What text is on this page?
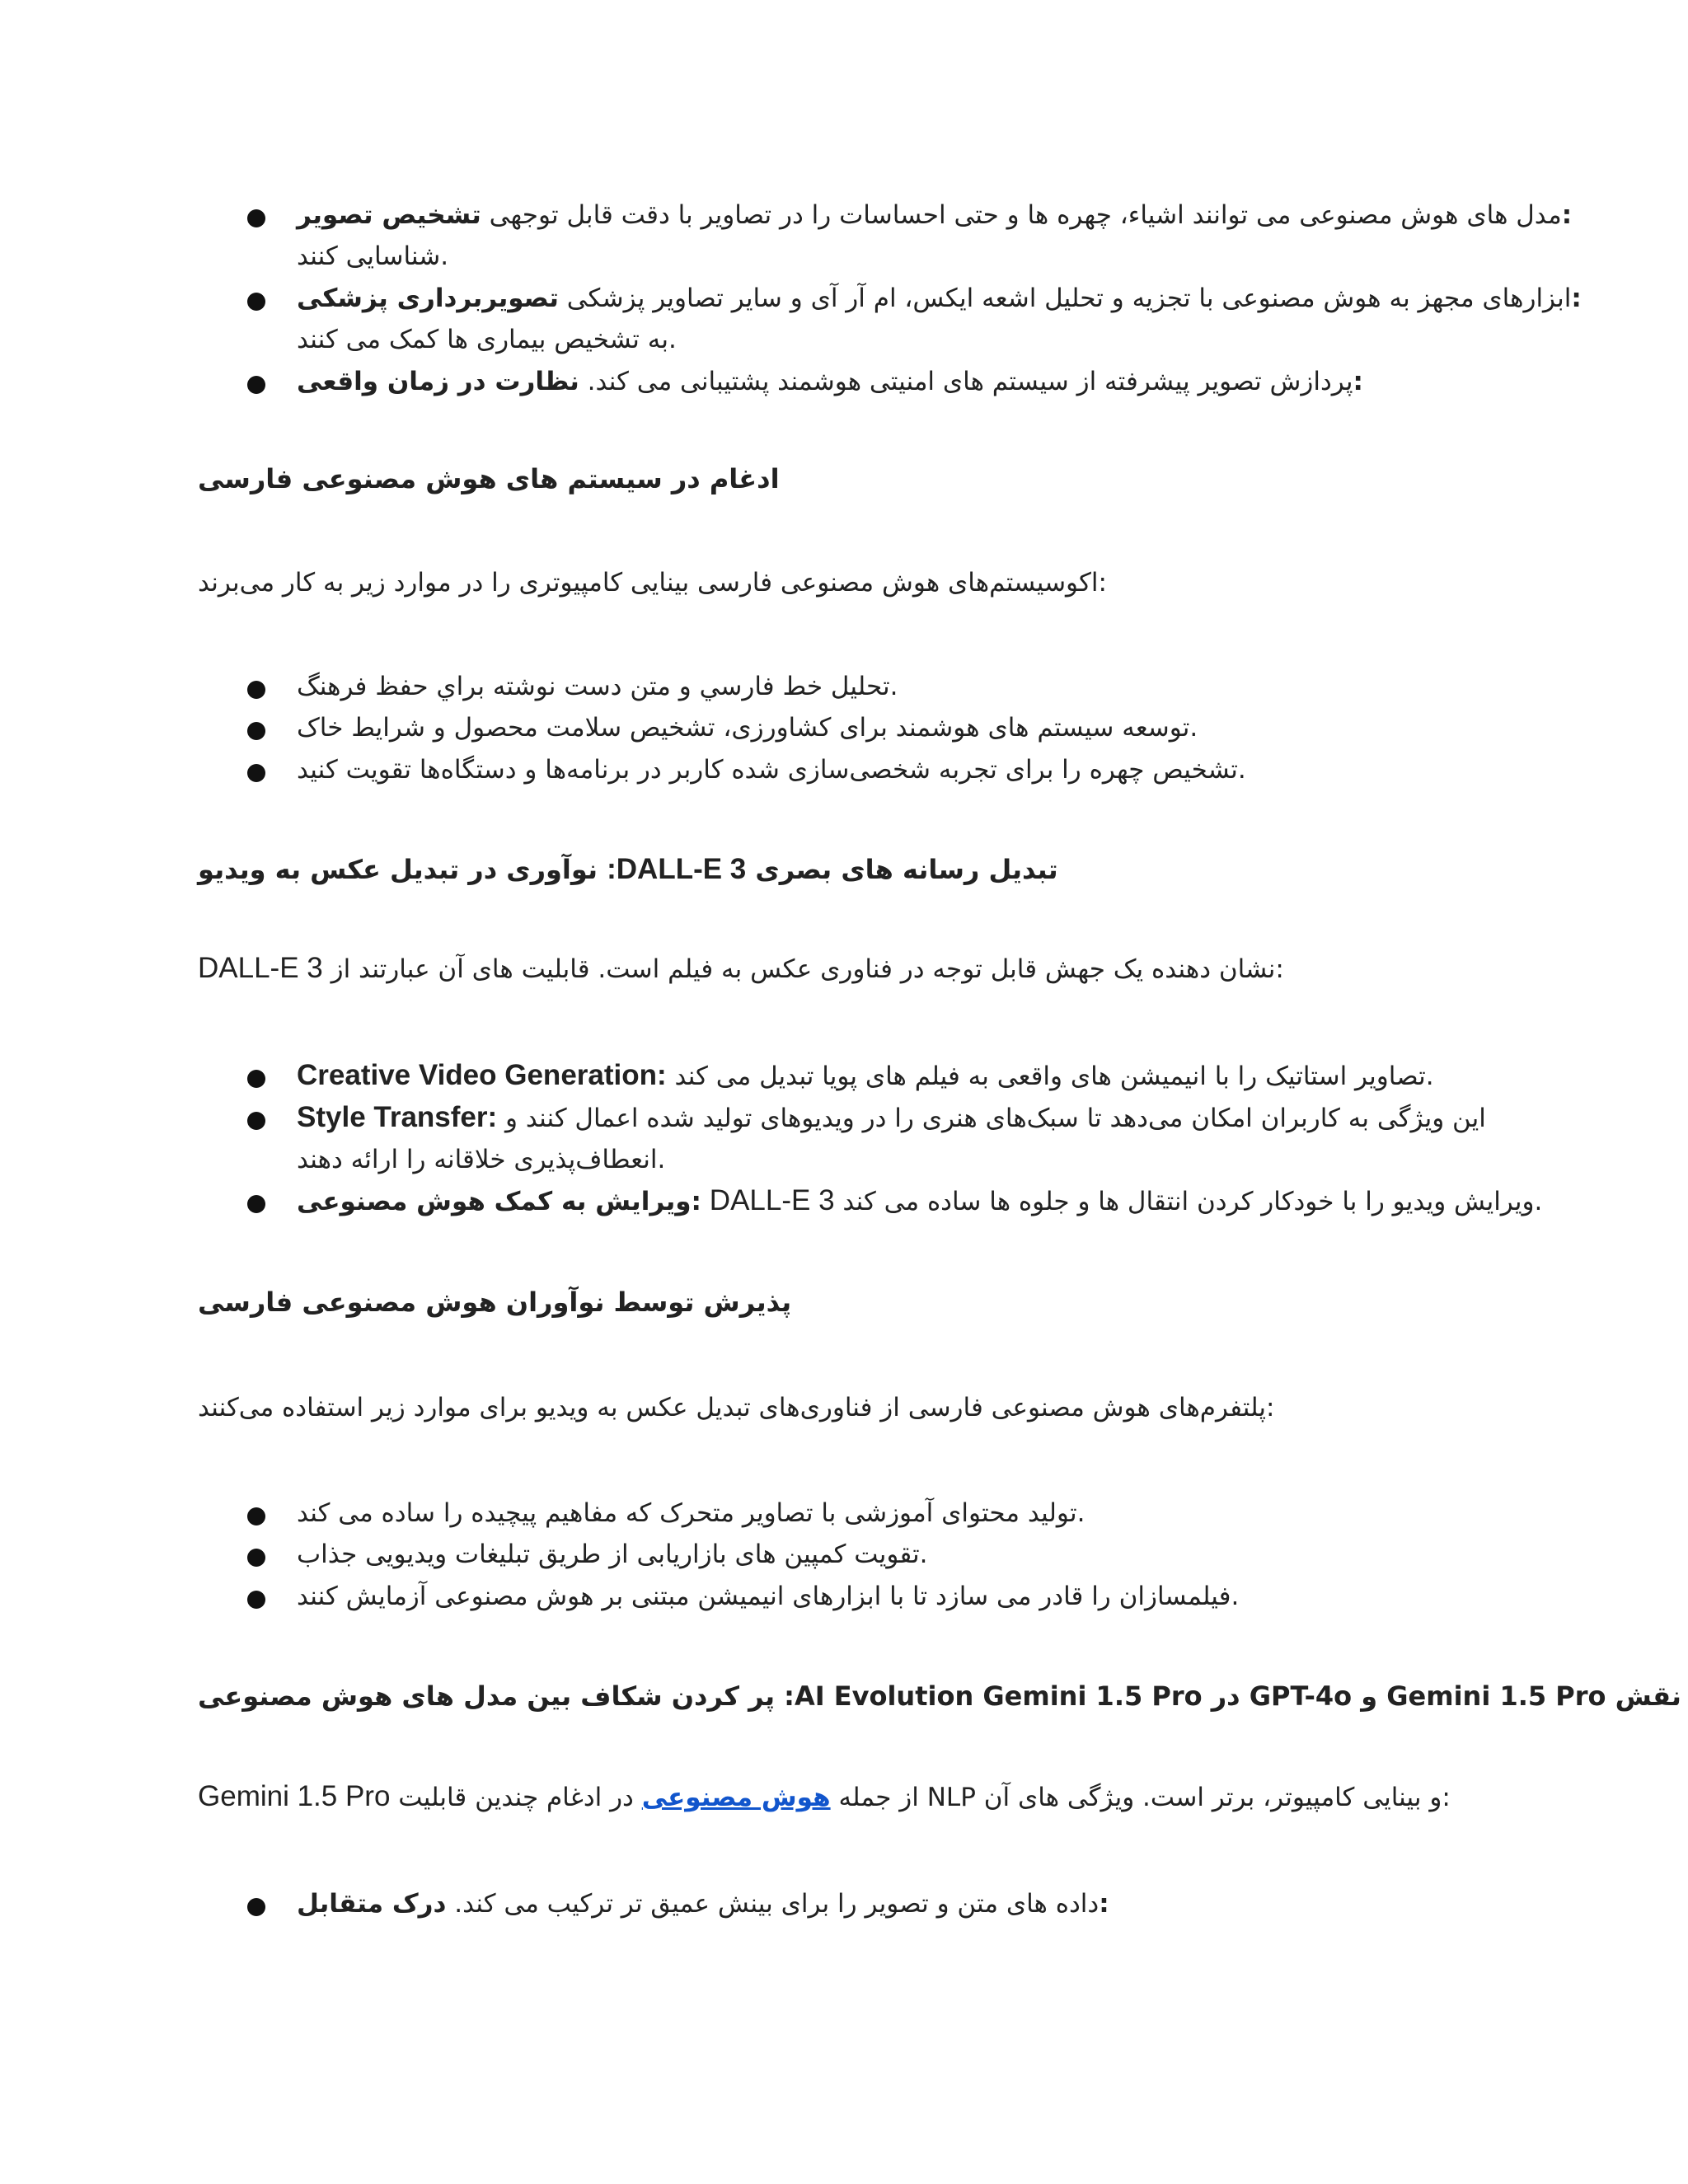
مدل های هوش مصنوعی می توانند اشیاء، چهره ها و حتی احساسات را در تصاویر با دقت قابل توجهی تشخیص تصویر:
شناسایی کنند.
ابزارهای مجهز به هوش مصنوعی با تجزیه و تحلیل اشعه ایکس، ام آر آی و سایر تصاویر پزشکی تصویربرداری پزشکی:
به تشخیص بیماری ها کمک می کنند.
پردازش تصویر پیشرفته از سیستم های امنیتی هوشمند پشتیبانی می کند. نظارت در زمان واقعی:
ادغام در سیستم های هوش مصنوعی فارسی
اکوسیستم‌های هوش مصنوعی فارسی بینایی کامپیوتری را در موارد زیر به کار می‌برند:
تحلیل خط فارسي و متن دست نوشته براي حفظ فرهنگ.
توسعه سیستم های هوشمند برای کشاورزی، تشخیص سلامت محصول و شرایط خاک.
تشخیص چهره را برای تجربه شخصی‌سازی شده کاربر در برنامه‌ها و دستگاه‌ها تقویت کنید.
نوآوری در تبدیل عکس به ویدیو :DALL-E 3 تبدیل رسانه های بصری
DALL-E 3 نشان دهنده یک جهش قابل توجه در فناوری عکس به فیلم است. قابلیت های آن عبارتند از:
Creative Video Generation: تصاویر استاتیک را با انیمیشن های واقعی به فیلم های پویا تبدیل می کند.
Style Transfer: این ویژگی به کاربران امکان می‌دهد تا سبک‌های هنری را در ویدیوهای تولید شده اعمال کنند و
انعطاف‌پذیری خلاقانه را ارائه دهند.
ویرایش به کمک هوش مصنوعی: DALL-E 3 ویرایش ویدیو را با خودکار کردن انتقال ها و جلوه ها ساده می کند.
پذیرش توسط نوآوران هوش مصنوعی فارسی
پلتفرم‌های هوش مصنوعی فارسی از فناوری‌های تبدیل عکس به ویدیو برای موارد زیر استفاده می‌کنند:
تولید محتوای آموزشی با تصاویر متحرک که مفاهیم پیچیده را ساده می کند.
تقویت کمپین های بازاریابی از طریق تبلیغات ویدیویی جذاب.
فیلمسازان را قادر می سازد تا با ابزارهای انیمیشن مبتنی بر هوش مصنوعی آزمایش کنند.
پر کردن شکاف بین مدل های هوش مصنوعی :AI Evolution Gemini 1.5 Pro در GPT-4o و Gemini 1.5 Pro نقش
Gemini 1.5 Pro	از جمله هوش مصنوعی در ادغام چندین قابلیت NLP و بینایی کامپیوتر، برتر است. ویژگی های آن:
داده های متن و تصویر را برای بینش عمیق تر ترکیب می کند. درک متقابل:
